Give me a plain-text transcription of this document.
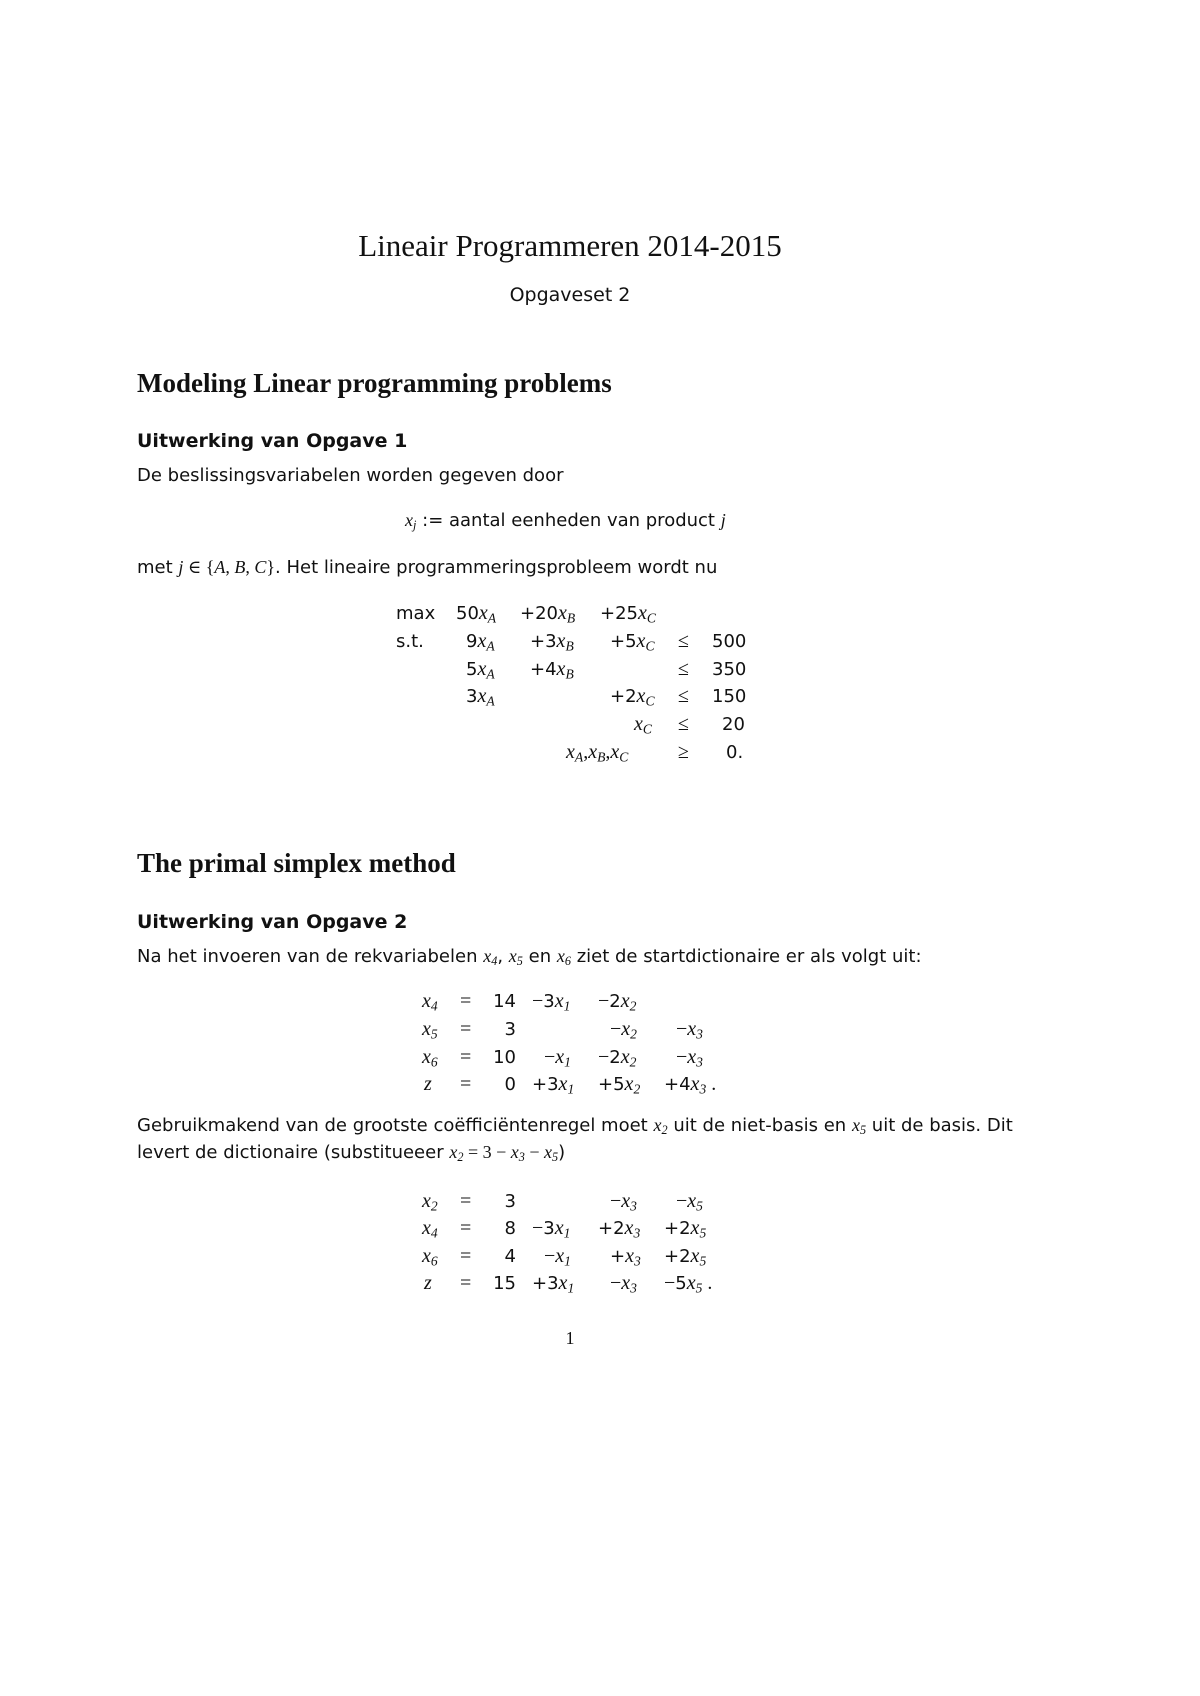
Lineair Programmeren 2014-2015
Opgaveset 2
Modeling Linear programming problems
Uitwerking van Opgave 1
De beslissingsvariabelen worden gegeven door
$x_j$ := aantal eenheden van product j
met j ∈ {A, B, C}. Het lineaire programmeringsprobleem wordt nu
$\max 50x_A +20x_B +25x_C$
s.t. $9x_A +3x_B +5x_C \le 500$
$5x_A +4x_B$	≤ 350
$3x_A$	$+2x_C \le 150$
$x_C \le 20$
$x_A,x_B,x_C \ge 0$.
The primal simplex method
Uitwerking van Opgave 2
Na het invoeren van de rekvariabelen $x_4$, $x_5$ en $x_6$ ziet de startdictionaire er als volgt uit:
$x_4$ =	$14 -3x_1 -2x_2$
$x_5$ =	3	$-x_2 -x_3$
$x_6$ =	$10 -x_1 -2x_2 -x_3$
z =	$0 +3x_1 +5x_2 +4x_3$ .
Gebruikmakend van de grootste coëfficiëntenregel moet $x_2$ uit de niet-basis en $x_5$ uit de basis. Dit
levert de dictionaire (substitueeer $x_2 = 3 - x_3 - x_5$)
$x_2$ =	3	$-x_3 -x_5$
$x_4$ =	$8 -3x_1 +2x_3 +2x_5$
$x_6$ =	$4 -x_1 +x_3 +2x_5$
z =	$15 +3x_1 -x_3 -5x_5$ .
1
